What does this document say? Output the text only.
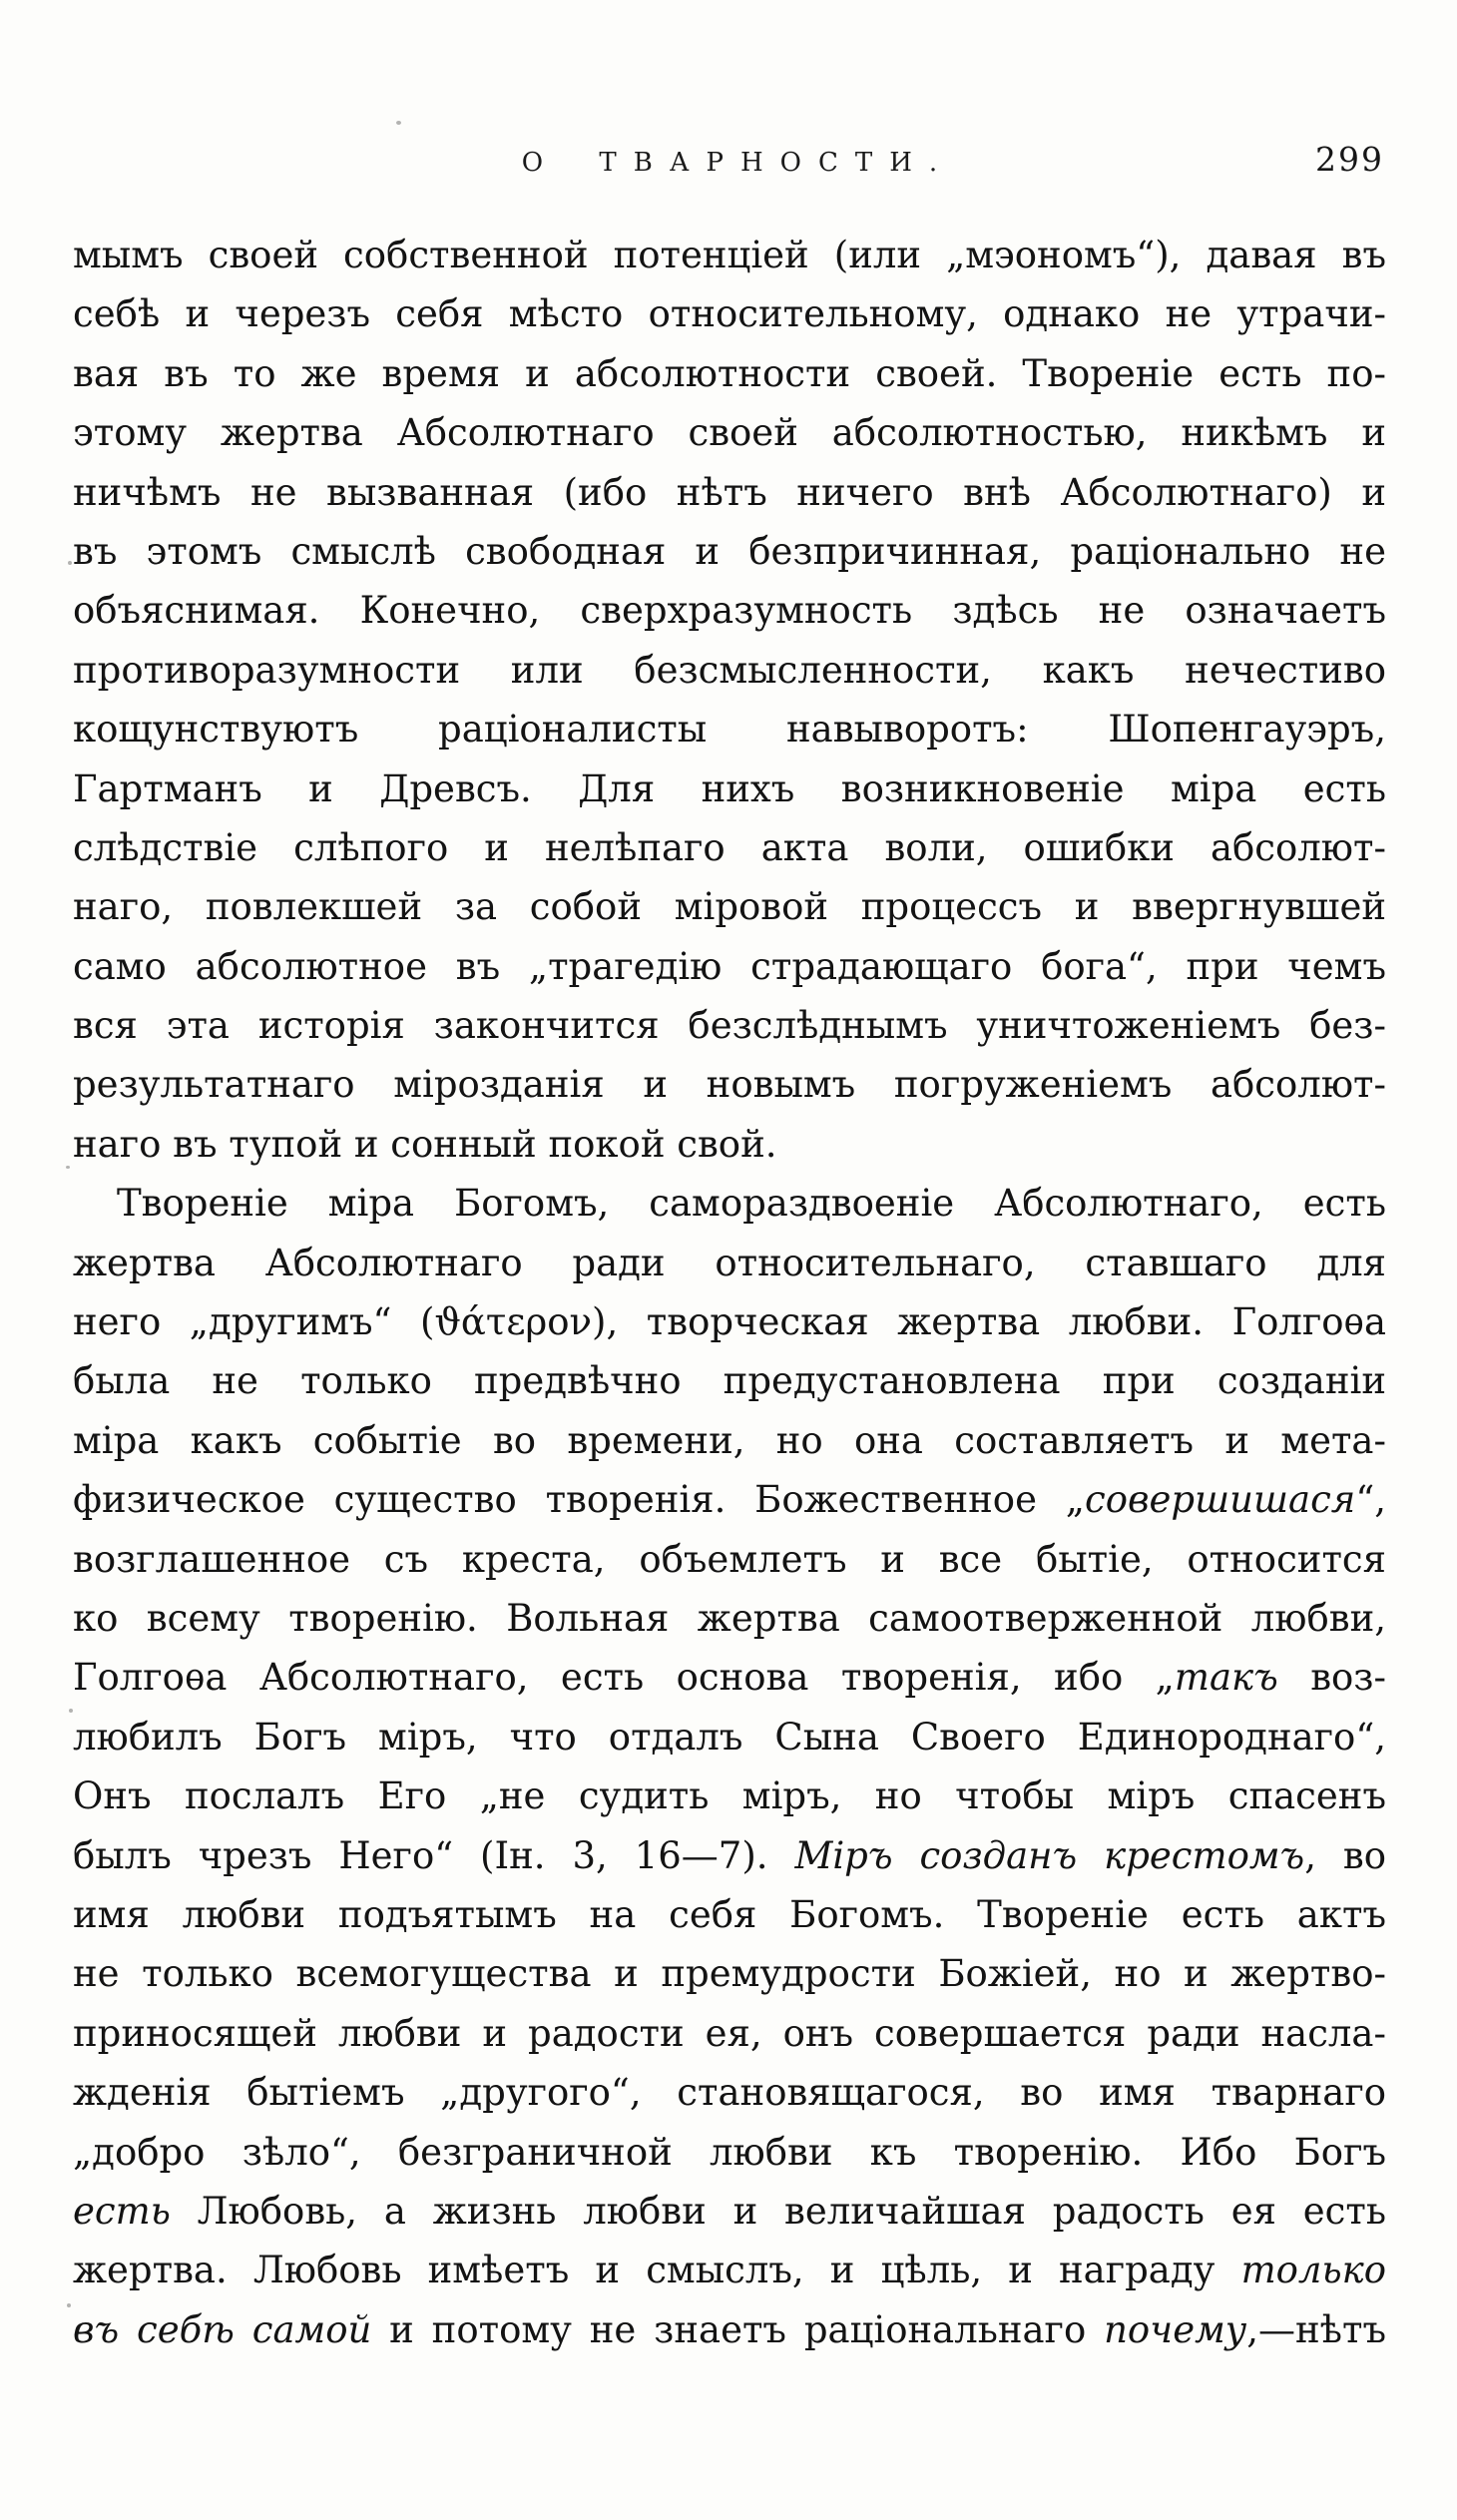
О ТВАРНОСТИ.	299
мымъ своей собственной потенціей (или „мэономъ“), давая въ
себѣ и черезъ себя мѣсто относительному, однако не утрачи-
вая въ то же время и абсолютности своей. Твореніе есть по-
этому жертва Абсолютнаго своей абсолютностью, никѣмъ и
ничѣмъ не вызванная (ибо нѣтъ ничего внѣ Абсолютнаго) и
въ этомъ смыслѣ свободная и безпричинная, раціонально не
объяснимая. Конечно, сверхразумность здѣсь не означаетъ
противоразумности или безсмысленности, какъ нечестиво
кощунствуютъ раціоналисты навыворотъ: Шопенгауэръ,
Гартманъ и Древсъ. Для нихъ возникновеніе міра есть
слѣдствіе слѣпого и нелѣпаго акта воли, ошибки абсолют-
наго, повлекшей за собой міровой процессъ и ввергнувшей
само абсолютное въ „трагедію страдающаго бога“, при чемъ
вся эта исторія закончится безслѣднымъ уничтоженіемъ без-
результатнаго мірозданія и новымъ погруженіемъ абсолют-
наго въ тупой и сонный покой свой.
Твореніе міра Богомъ, самораздвоеніе Абсолютнаго, есть
жертва Абсолютнаго ради относительнаго, ставшаго для
него „другимъ“ (ϑάτερον), творческая жертва любви. Голгоѳа
была не только предвѣчно предустановлена при созданіи
міра какъ событіе во времени, но она составляетъ и мета-
физическое существо творенія. Божественное „совершишася“,
возглашенное съ креста, объемлетъ и все бытіе, относится
ко всему творенію. Вольная жертва самоотверженной любви,
Голгоѳа Абсолютнаго, есть основа творенія, ибо „такъ воз-
любилъ Богъ міръ, что отдалъ Сына Своего Единороднаго“,
Онъ послалъ Его „не судить міръ, но чтобы міръ спасенъ
былъ чрезъ Него“ (Ін. 3, 16—7). Міръ созданъ крестомъ, во
имя любви подъятымъ на себя Богомъ. Твореніе есть актъ
не только всемогущества и премудрости Божіей, но и жертво-
приносящей любви и радости ея, онъ совершается ради насла-
жденія бытіемъ „другого“, становящагося, во имя тварнаго
„добро зѣло“, безграничной любви къ творенію. Ибо Богъ
есть Любовь, а жизнь любви и величайшая радость ея есть
жертва. Любовь имѣетъ и смыслъ, и цѣль, и награду только
въ себѣ самой и потому не знаетъ раціональнаго почему,—нѣтъ
